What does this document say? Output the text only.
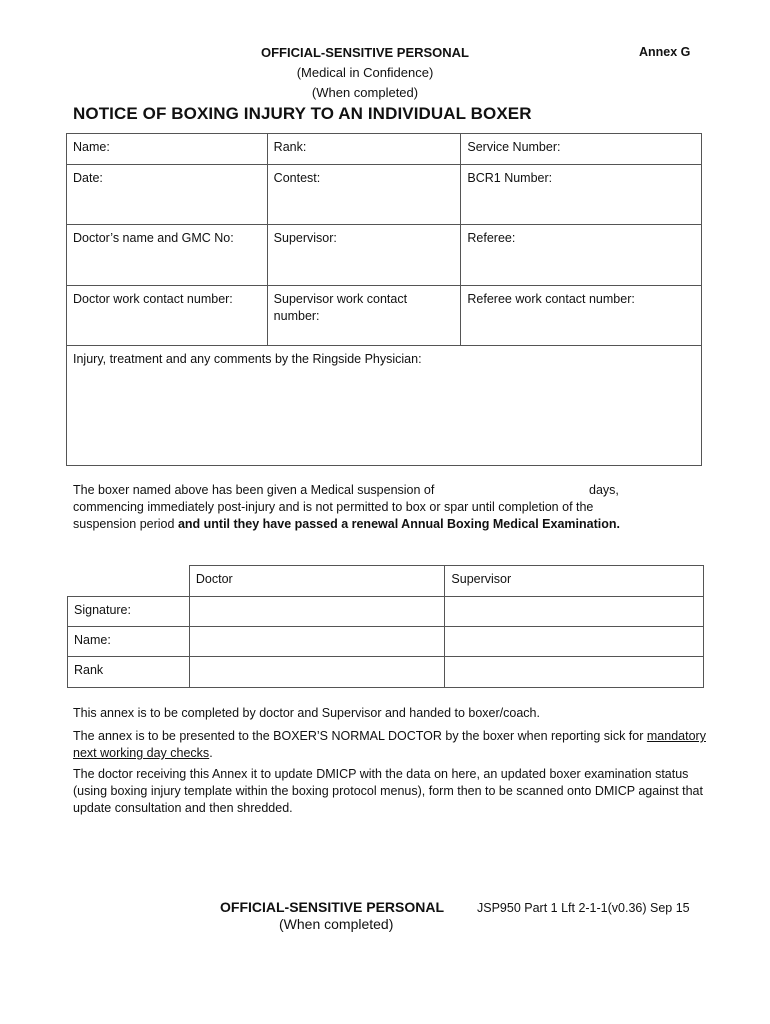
OFFICIAL-SENSITIVE PERSONAL
(Medical in Confidence)
(When completed)
Annex G
NOTICE OF BOXING INJURY TO AN INDIVIDUAL BOXER
Name:	Rank:	Service Number:
Date:	Contest:	BCR1 Number:
Doctor’s name and GMC No:	Supervisor:	Referee:
Doctor work contact number:	Supervisor work contact number:	Referee work contact number:
Injury, treatment and any comments by the Ringside Physician:		
The boxer named above has been given a Medical suspension of	days,
commencing immediately post-injury and is not permitted to box or spar until completion of the
suspension period and until they have passed a renewal Annual Boxing Medical Examination.
	Doctor	Supervisor
Signature:		
Name:		
Rank		
This annex is to be completed by doctor and Supervisor and handed to boxer/coach.
The annex is to be presented to the BOXER’S NORMAL DOCTOR by the boxer when reporting sick for mandatory next working day checks.
The doctor receiving this Annex it to update DMICP with the data on here, an updated boxer examination status (using boxing injury template within the boxing protocol menus), form then to be scanned onto DMICP against that update consultation and then shredded.
OFFICIAL-SENSITIVE PERSONAL	JSP950 Part 1 Lft 2-1-1(v0.36) Sep 15
(When completed)
